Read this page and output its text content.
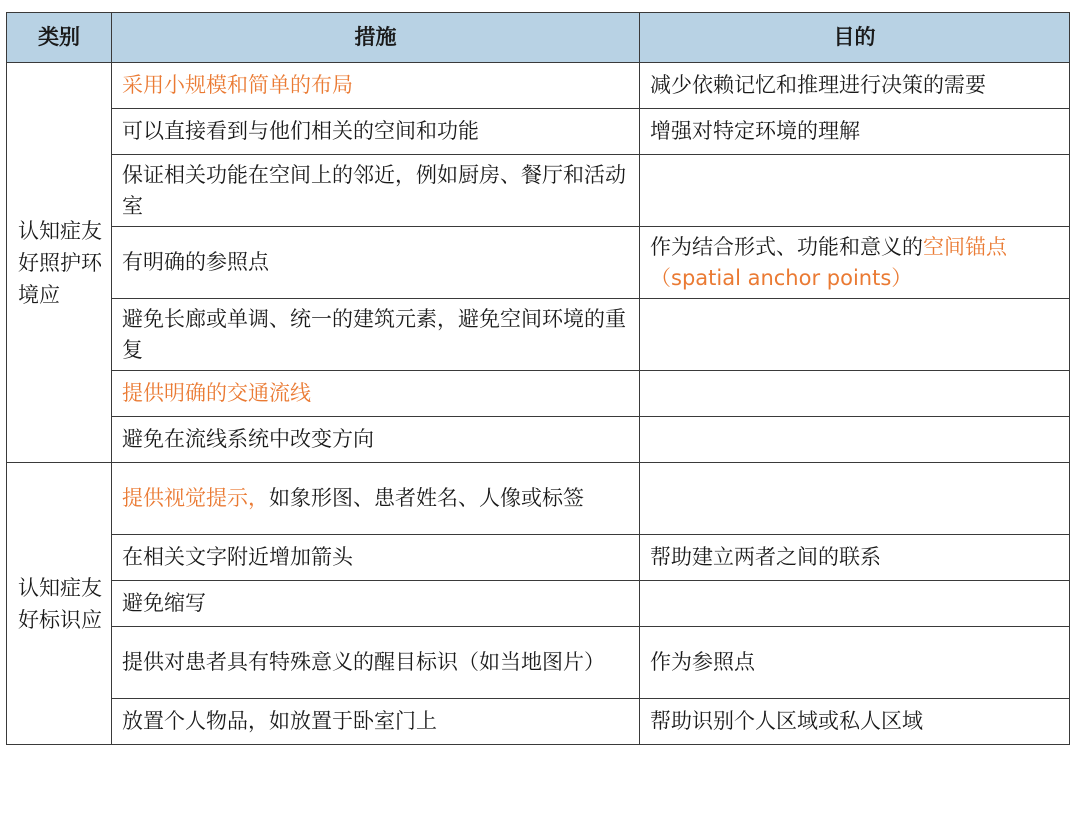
类别	措施	目的
认知症友好照护环境应	采用小规模和简单的布局	减少依赖记忆和推理进行决策的需要
	可以直接看到与他们相关的空间和功能	增强对特定环境的理解
	保证相关功能在空间上的邻近，例如厨房、餐厅和活动室	
	有明确的参照点	作为结合形式、功能和意义的空间锚点（spatial anchor points）
	避免长廊或单调、统一的建筑元素，避免空间环境的重复	
	提供明确的交通流线	
	避免在流线系统中改变方向	
认知症友好标识应	提供视觉提示，如象形图、患者姓名、人像或标签	
	在相关文字附近增加箭头	帮助建立两者之间的联系
	避免缩写	
	提供对患者具有特殊意义的醒目标识（如当地图片）	作为参照点
	放置个人物品，如放置于卧室门上	帮助识别个人区域或私人区域
